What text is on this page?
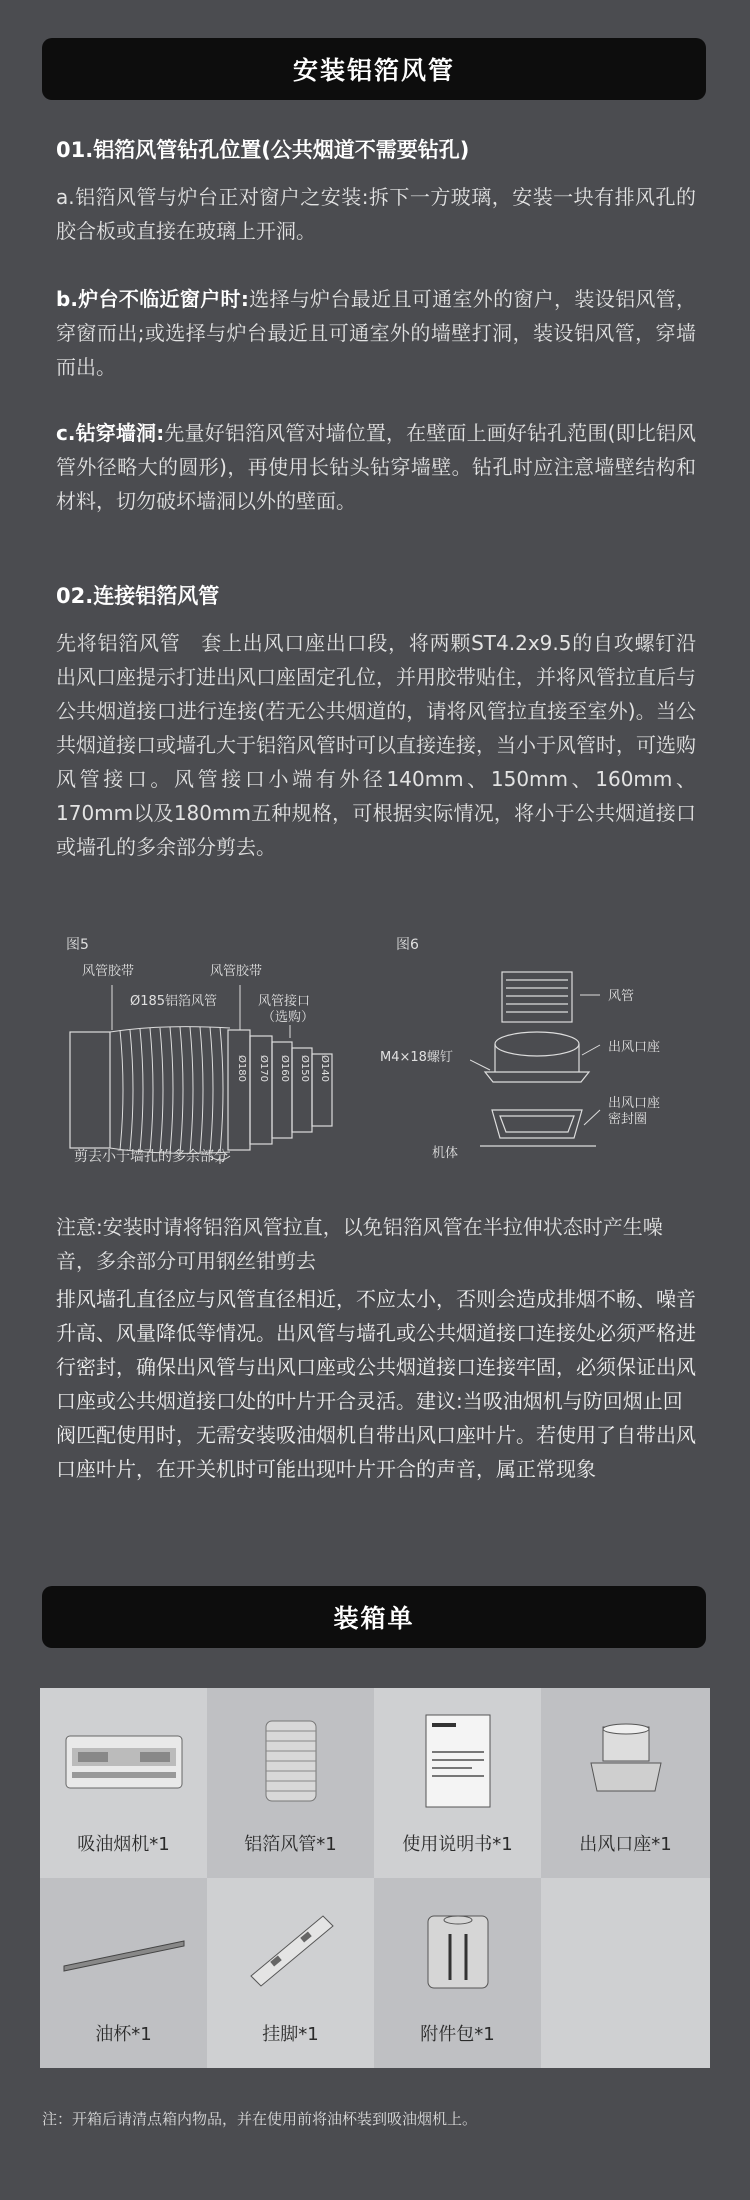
安装铝箔风管
01.铝箔风管钻孔位置(公共烟道不需要钻孔)
a.铝箔风管与炉台正对窗户之安装:拆下一方玻璃，安装一块有排风孔的胶合板或直接在玻璃上开洞。
b.炉台不临近窗户时:选择与炉台最近且可通室外的窗户，装设铝风管，穿窗而出;或选择与炉台最近且可通室外的墙壁打洞，装设铝风管，穿墙而出。
c.钻穿墙洞:先量好铝箔风管对墙位置，在壁面上画好钻孔范围(即比铝风管外径略大的圆形)，再使用长钻头钻穿墙壁。钻孔时应注意墙壁结构和材料，切勿破坏墙洞以外的壁面。
02.连接铝箔风管
先将铝箔风管　套上出风口座出口段，将两颗ST4.2x9.5的自攻螺钉沿出风口座提示打进出风口座固定孔位，并用胶带贴住，并将风管拉直后与公共烟道接口进行连接(若无公共烟道的，请将风管拉直接至室外)。当公共烟道接口或墙孔大于铝箔风管时可以直接连接，当小于风管时，可选购风管接口。风管接口小端有外径140mm、150mm、160mm、170mm以及180mm五种规格，可根据实际情况，将小于公共烟道接口或墙孔的多余部分剪去。
图5
风管胶带	风管胶带
Ø185铝箔风管	风管接口
（选购）
Ø180 Ø170 Ø160 Ø150 Ø140
剪去小于墙孔的多余部分
图6
风管
出风口座
出风口座
密封圈
M4×18螺钉
机体
注意:安装时请将铝箔风管拉直，以免铝箔风管在半拉伸状态时产生噪音，多余部分可用钢丝钳剪去
排风墙孔直径应与风管直径相近，不应太小，否则会造成排烟不畅、噪音升高、风量降低等情况。出风管与墙孔或公共烟道接口连接处必须严格进行密封，确保出风管与出风口座或公共烟道接口连接牢固，必须保证出风口座或公共烟道接口处的叶片开合灵活。建议:当吸油烟机与防回烟止回阀匹配使用时，无需安装吸油烟机自带出风口座叶片。若使用了自带出风口座叶片，在开关机时可能出现叶片开合的声音，属正常现象
装箱单
吸油烟机*1	铝箔风管*1	使用说明书*1	出风口座*1
油杯*1	挂脚*1	附件包*1
注：开箱后请清点箱内物品，并在使用前将油杯装到吸油烟机上。
